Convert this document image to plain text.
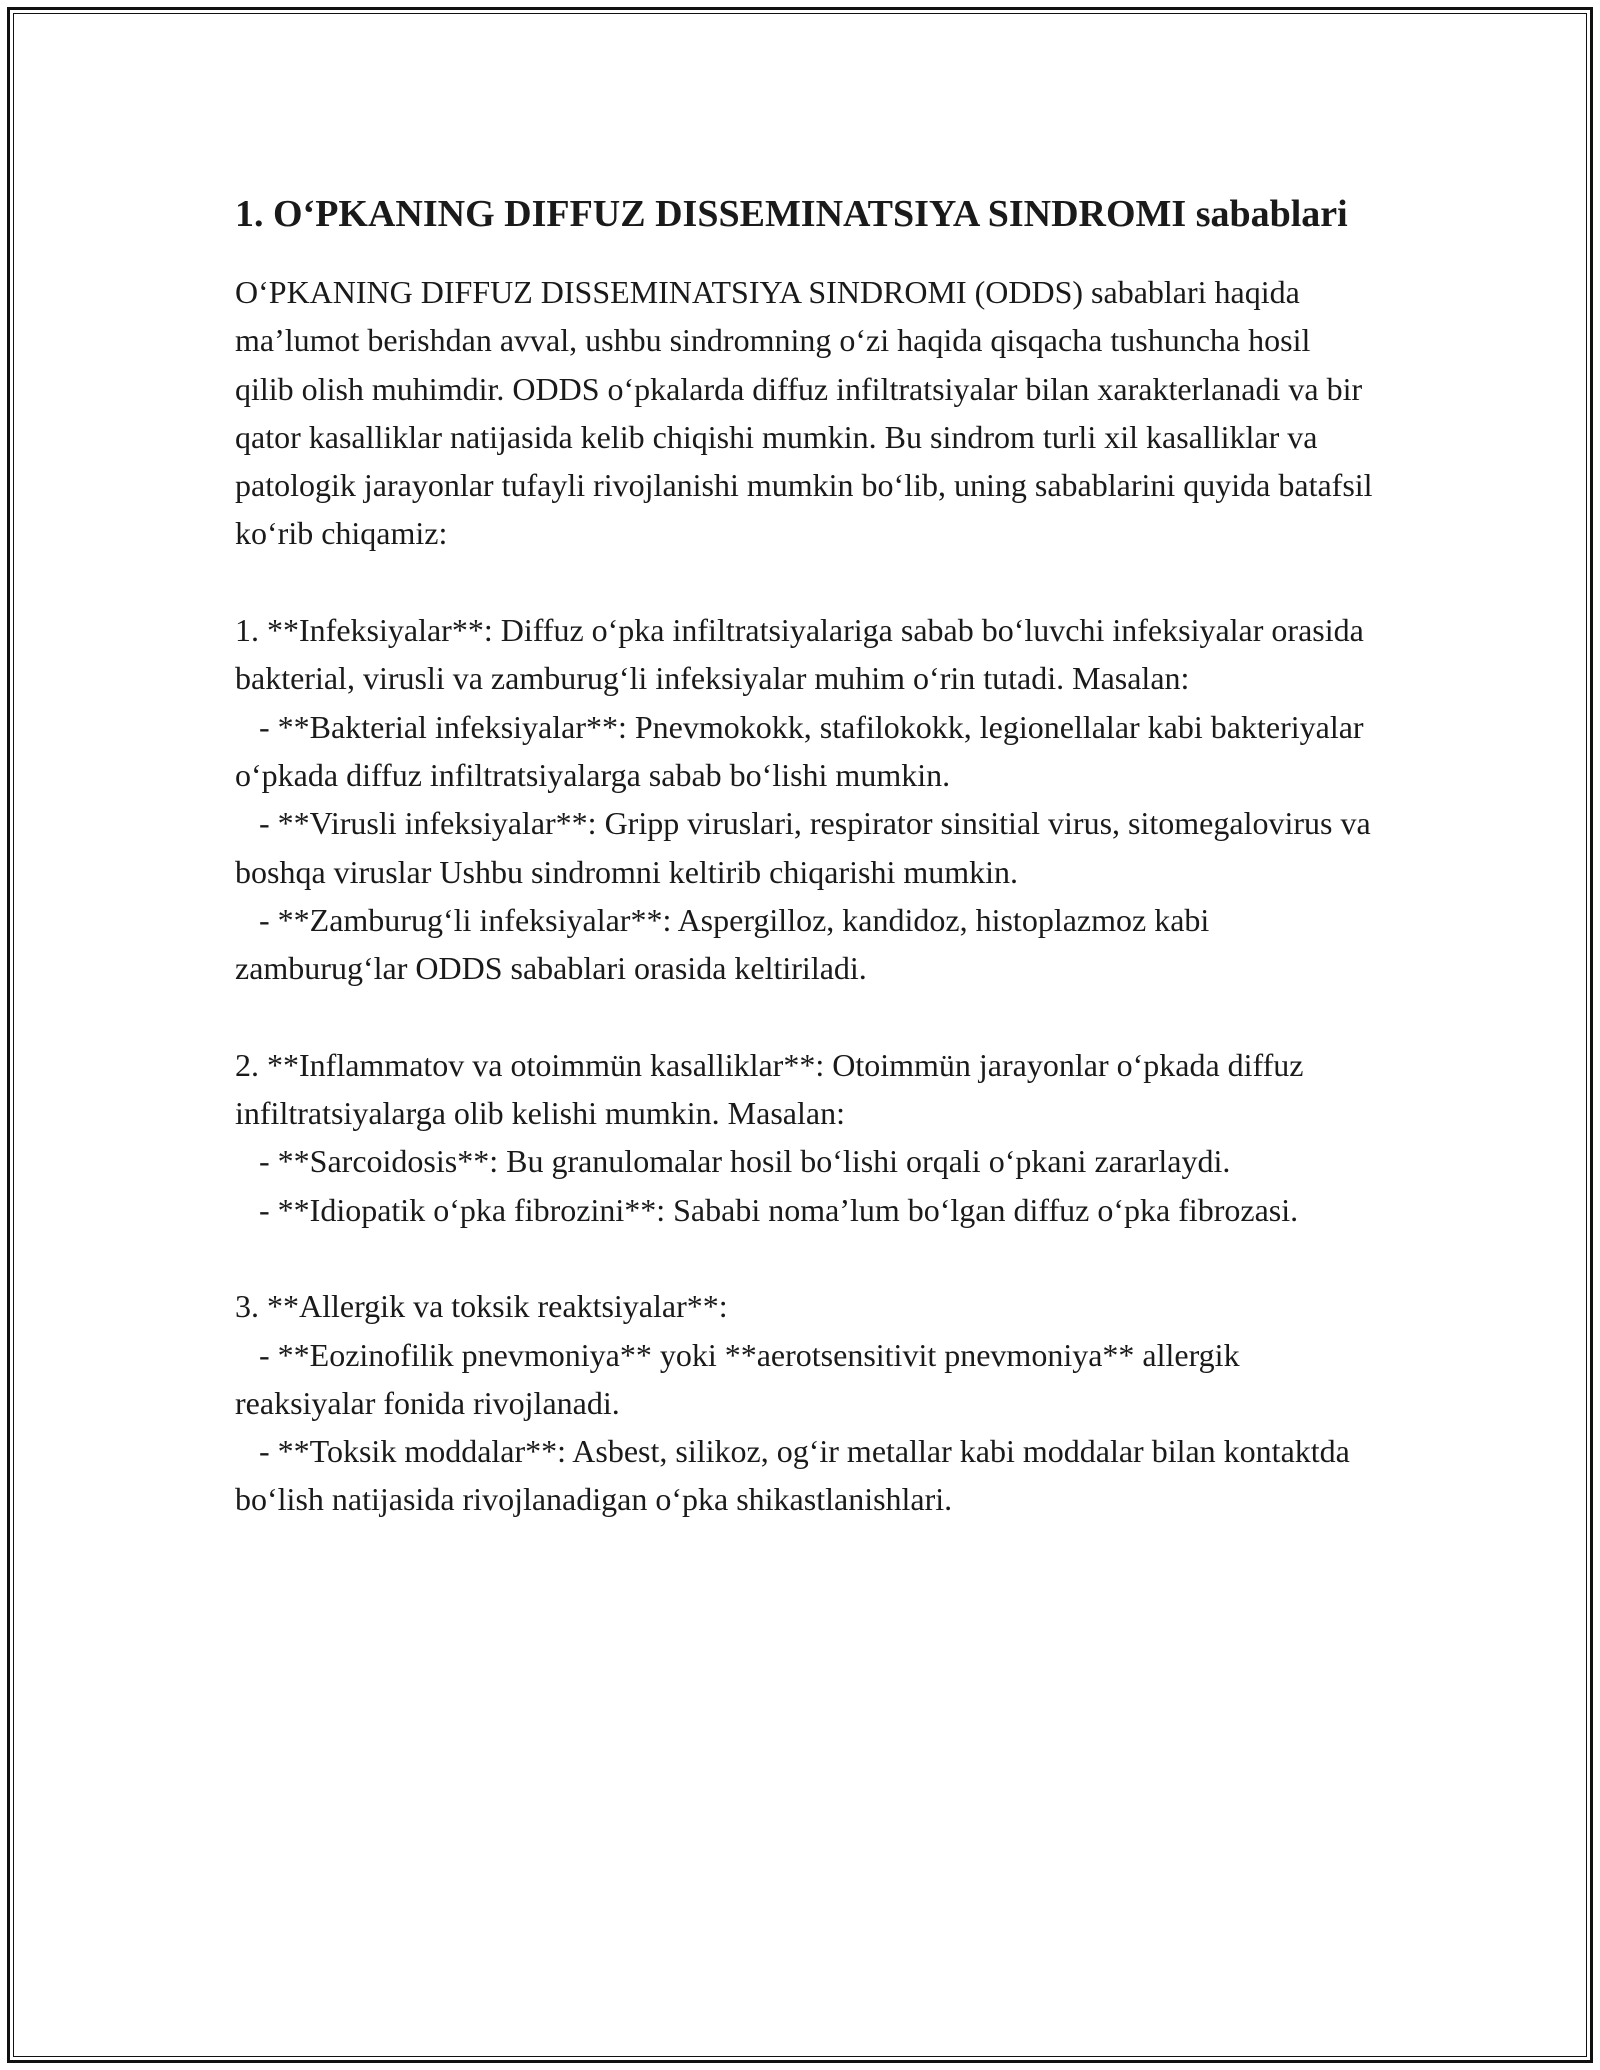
1. O‘PKANING DIFFUZ DISSEMINATSIYA SINDROMI sabablari

O‘PKANING DIFFUZ DISSEMINATSIYA SINDROMI (ODDS) sabablari haqida ma’lumot berishdan avval, ushbu sindromning o‘zi haqida qisqacha tushuncha hosil qilib olish muhimdir. ODDS o‘pkalarda diffuz infiltratsiyalar bilan xarakterlanadi va bir qator kasalliklar natijasida kelib chiqishi mumkin. Bu sindrom turli xil kasalliklar va patologik jarayonlar tufayli rivojlanishi mumkin bo‘lib, uning sabablarini quyida batafsil ko‘rib chiqamiz:

1. **Infeksiyalar**: Diffuz o‘pka infiltratsiyalariga sabab bo‘luvchi infeksiyalar orasida bakterial, virusli va zamburug‘li infeksiyalar muhim o‘rin tutadi. Masalan:
- **Bakterial infeksiyalar**: Pnevmokokk, stafilokokk, legionellalar kabi bakteriyalar o‘pkada diffuz infiltratsiyalarga sabab bo‘lishi mumkin.
- **Virusli infeksiyalar**: Gripp viruslari, respirator sinsitial virus, sitomegalovirus va boshqa viruslar Ushbu sindromni keltirib chiqarishi mumkin.
- **Zamburug‘li infeksiyalar**: Aspergilloz, kandidoz, histoplazmoz kabi zamburug‘lar ODDS sabablari orasida keltiriladi.

2. **Inflammatov va otoimmün kasalliklar**: Otoimmün jarayonlar o‘pkada diffuz infiltratsiyalarga olib kelishi mumkin. Masalan:
- **Sarcoidosis**: Bu granulomalar hosil bo‘lishi orqali o‘pkani zararlaydi.
- **Idiopatik o‘pka fibrozini**: Sababi noma’lum bo‘lgan diffuz o‘pka fibrozasi.

3. **Allergik va toksik reaktsiyalar**:
- **Eozinofilik pnevmoniya** yoki **aerotsensitivit pnevmoniya** allergik reaksiyalar fonida rivojlanadi.
- **Toksik moddalar**: Asbest, silikoz, og‘ir metallar kabi moddalar bilan kontaktda bo‘lish natijasida rivojlanadigan o‘pka shikastlanishlari.
